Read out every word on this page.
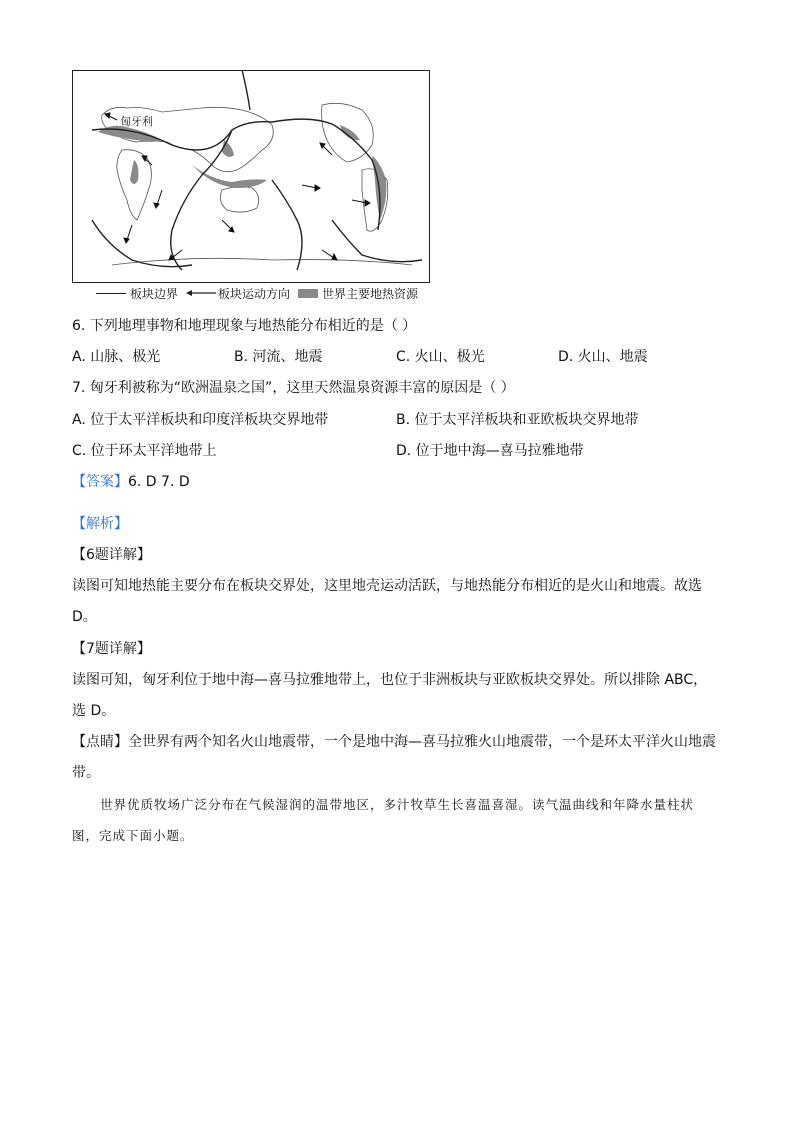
匈牙利
板块边界	板块运动方向	世界主要地热资源
6. 下列地理事物和地理现象与地热能分布相近的是（ ）
A. 山脉、极光	B. 河流、地震	C. 火山、极光	D. 火山、地震
7. 匈牙利被称为“欧洲温泉之国”，这里天然温泉资源丰富的原因是（ ）
A. 位于太平洋板块和印度洋板块交界地带	B. 位于太平洋板块和亚欧板块交界地带
C. 位于环太平洋地带上	D. 位于地中海—喜马拉雅地带
【答案】6. D 7. D
【解析】
【6题详解】
读图可知地热能主要分布在板块交界处，这里地壳运动活跃，与地热能分布相近的是火山和地震。故选
D。
【7题详解】
读图可知，匈牙利位于地中海—喜马拉雅地带上，也位于非洲板块与亚欧板块交界处。所以排除 ABC，
选 D。
【点睛】全世界有两个知名火山地震带，一个是地中海—喜马拉雅火山地震带，一个是环太平洋火山地震
带。
世界优质牧场广泛分布在气候湿润的温带地区，多汁牧草生长喜温喜湿。读气温曲线和年降水量柱状
图，完成下面小题。
